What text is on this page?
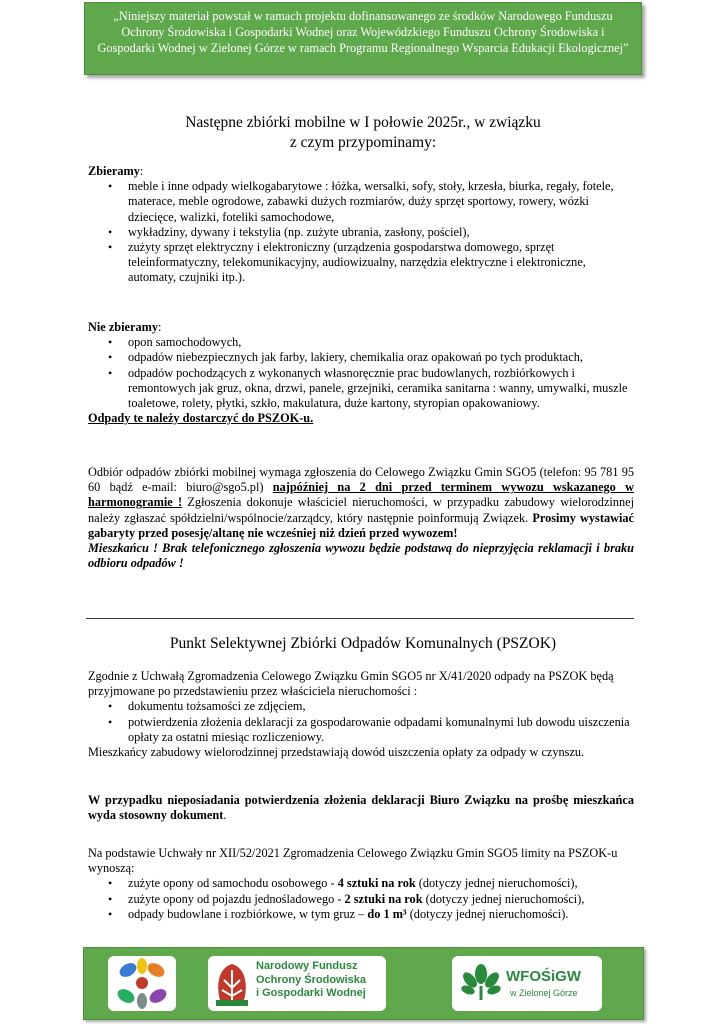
„Niniejszy materiał powstał w ramach projektu dofinansowanego ze środków Narodowego Funduszu Ochrony Środowiska i Gospodarki Wodnej oraz Wojewódzkiego Funduszu Ochrony Środowiska i Gospodarki Wodnej w Zielonej Górze w ramach Programu Regionalnego Wsparcia Edukacji Ekologicznej”
Następne zbiórki mobilne w I połowie 2025r., w związku
z czym przypominamy:

Zbieramy:

• meble i inne odpady wielkogabarytowe : łóżka, wersalki, sofy, stoły, krzesła, biurka, regały, fotele, materace, meble ogrodowe, zabawki dużych rozmiarów, duży sprzęt sportowy, rowery, wózki dziecięce, walizki, foteliki samochodowe,
• wykładziny, dywany i tekstylia (np. zużyte ubrania, zasłony, pościel),
• zużyty sprzęt elektryczny i elektroniczny (urządzenia gospodarstwa domowego, sprzęt teleinformatyczny, telekomunikacyjny, audiowizualny, narzędzia elektryczne i elektroniczne, automaty, czujniki itp.).

Nie zbieramy:

• opon samochodowych,
• odpadów niebezpiecznych jak farby, lakiery, chemikalia oraz opakowań po tych produktach,
• odpadów pochodzących z wykonanych własnoręcznie prac budowlanych, rozbiórkowych i remontowych jak gruz, okna, drzwi, panele, grzejniki, ceramika sanitarna : wanny, umywalki, muszle toaletowe, rolety, płytki, szkło, makulatura, duże kartony, styropian opakowaniowy.

Odpady te należy dostarczyć do PSZOK-u.

Odbiór odpadów zbiórki mobilnej wymaga zgłoszenia do Celowego Związku Gmin SGO5 (telefon: 95 781 95 60 bądź e-mail: biuro@sgo5.pl) najpóźniej na 2 dni przed terminem wywozu wskazanego w harmonogramie ! Zgłoszenia dokonuje właściciel nieruchomości, w przypadku zabudowy wielorodzinnej należy zgłaszać spółdzielni/wspólnocie/zarządcy, który następnie poinformują Związek. Prosimy wystawiać gabaryty przed posesję/altanę nie wcześniej niż dzień przed wywozem!

Mieszkańcu ! Brak telefonicznego zgłoszenia wywozu będzie podstawą do nieprzyjęcia reklamacji i braku odbioru odpadów !

Punkt Selektywnej Zbiórki Odpadów Komunalnych (PSZOK)

Zgodnie z Uchwałą Zgromadzenia Celowego Związku Gmin SGO5 nr X/41/2020 odpady na PSZOK będą przyjmowane po przedstawieniu przez właściciela nieruchomości :

• dokumentu tożsamości ze zdjęciem,
• potwierdzenia złożenia deklaracji za gospodarowanie odpadami komunalnymi lub dowodu uiszczenia opłaty za ostatni miesiąc rozliczeniowy.

Mieszkańcy zabudowy wielorodzinnej przedstawiają dowód uiszczenia opłaty za odpady w czynszu.

W przypadku nieposiadania potwierdzenia złożenia deklaracji Biuro Związku na prośbę mieszkańca wyda stosowny dokument.

Na podstawie Uchwały nr XII/52/2021 Zgromadzenia Celowego Związku Gmin SGO5 limity na PSZOK-u wynoszą:

• zużyte opony od samochodu osobowego - 4 sztuki na rok (dotyczy jednej nieruchomości),
• zużyte opony od pojazdu jednośladowego - 2 sztuki na rok (dotyczy jednej nieruchomości),
• odpady budowlane i rozbiórkowe, w tym gruz – do 1 m³ (dotyczy jednej nieruchomości).
Narodowy Fundusz
Ochrony Środowiska
i Gospodarki Wodnej
WFOŚiGW
w Zielonej Górze
